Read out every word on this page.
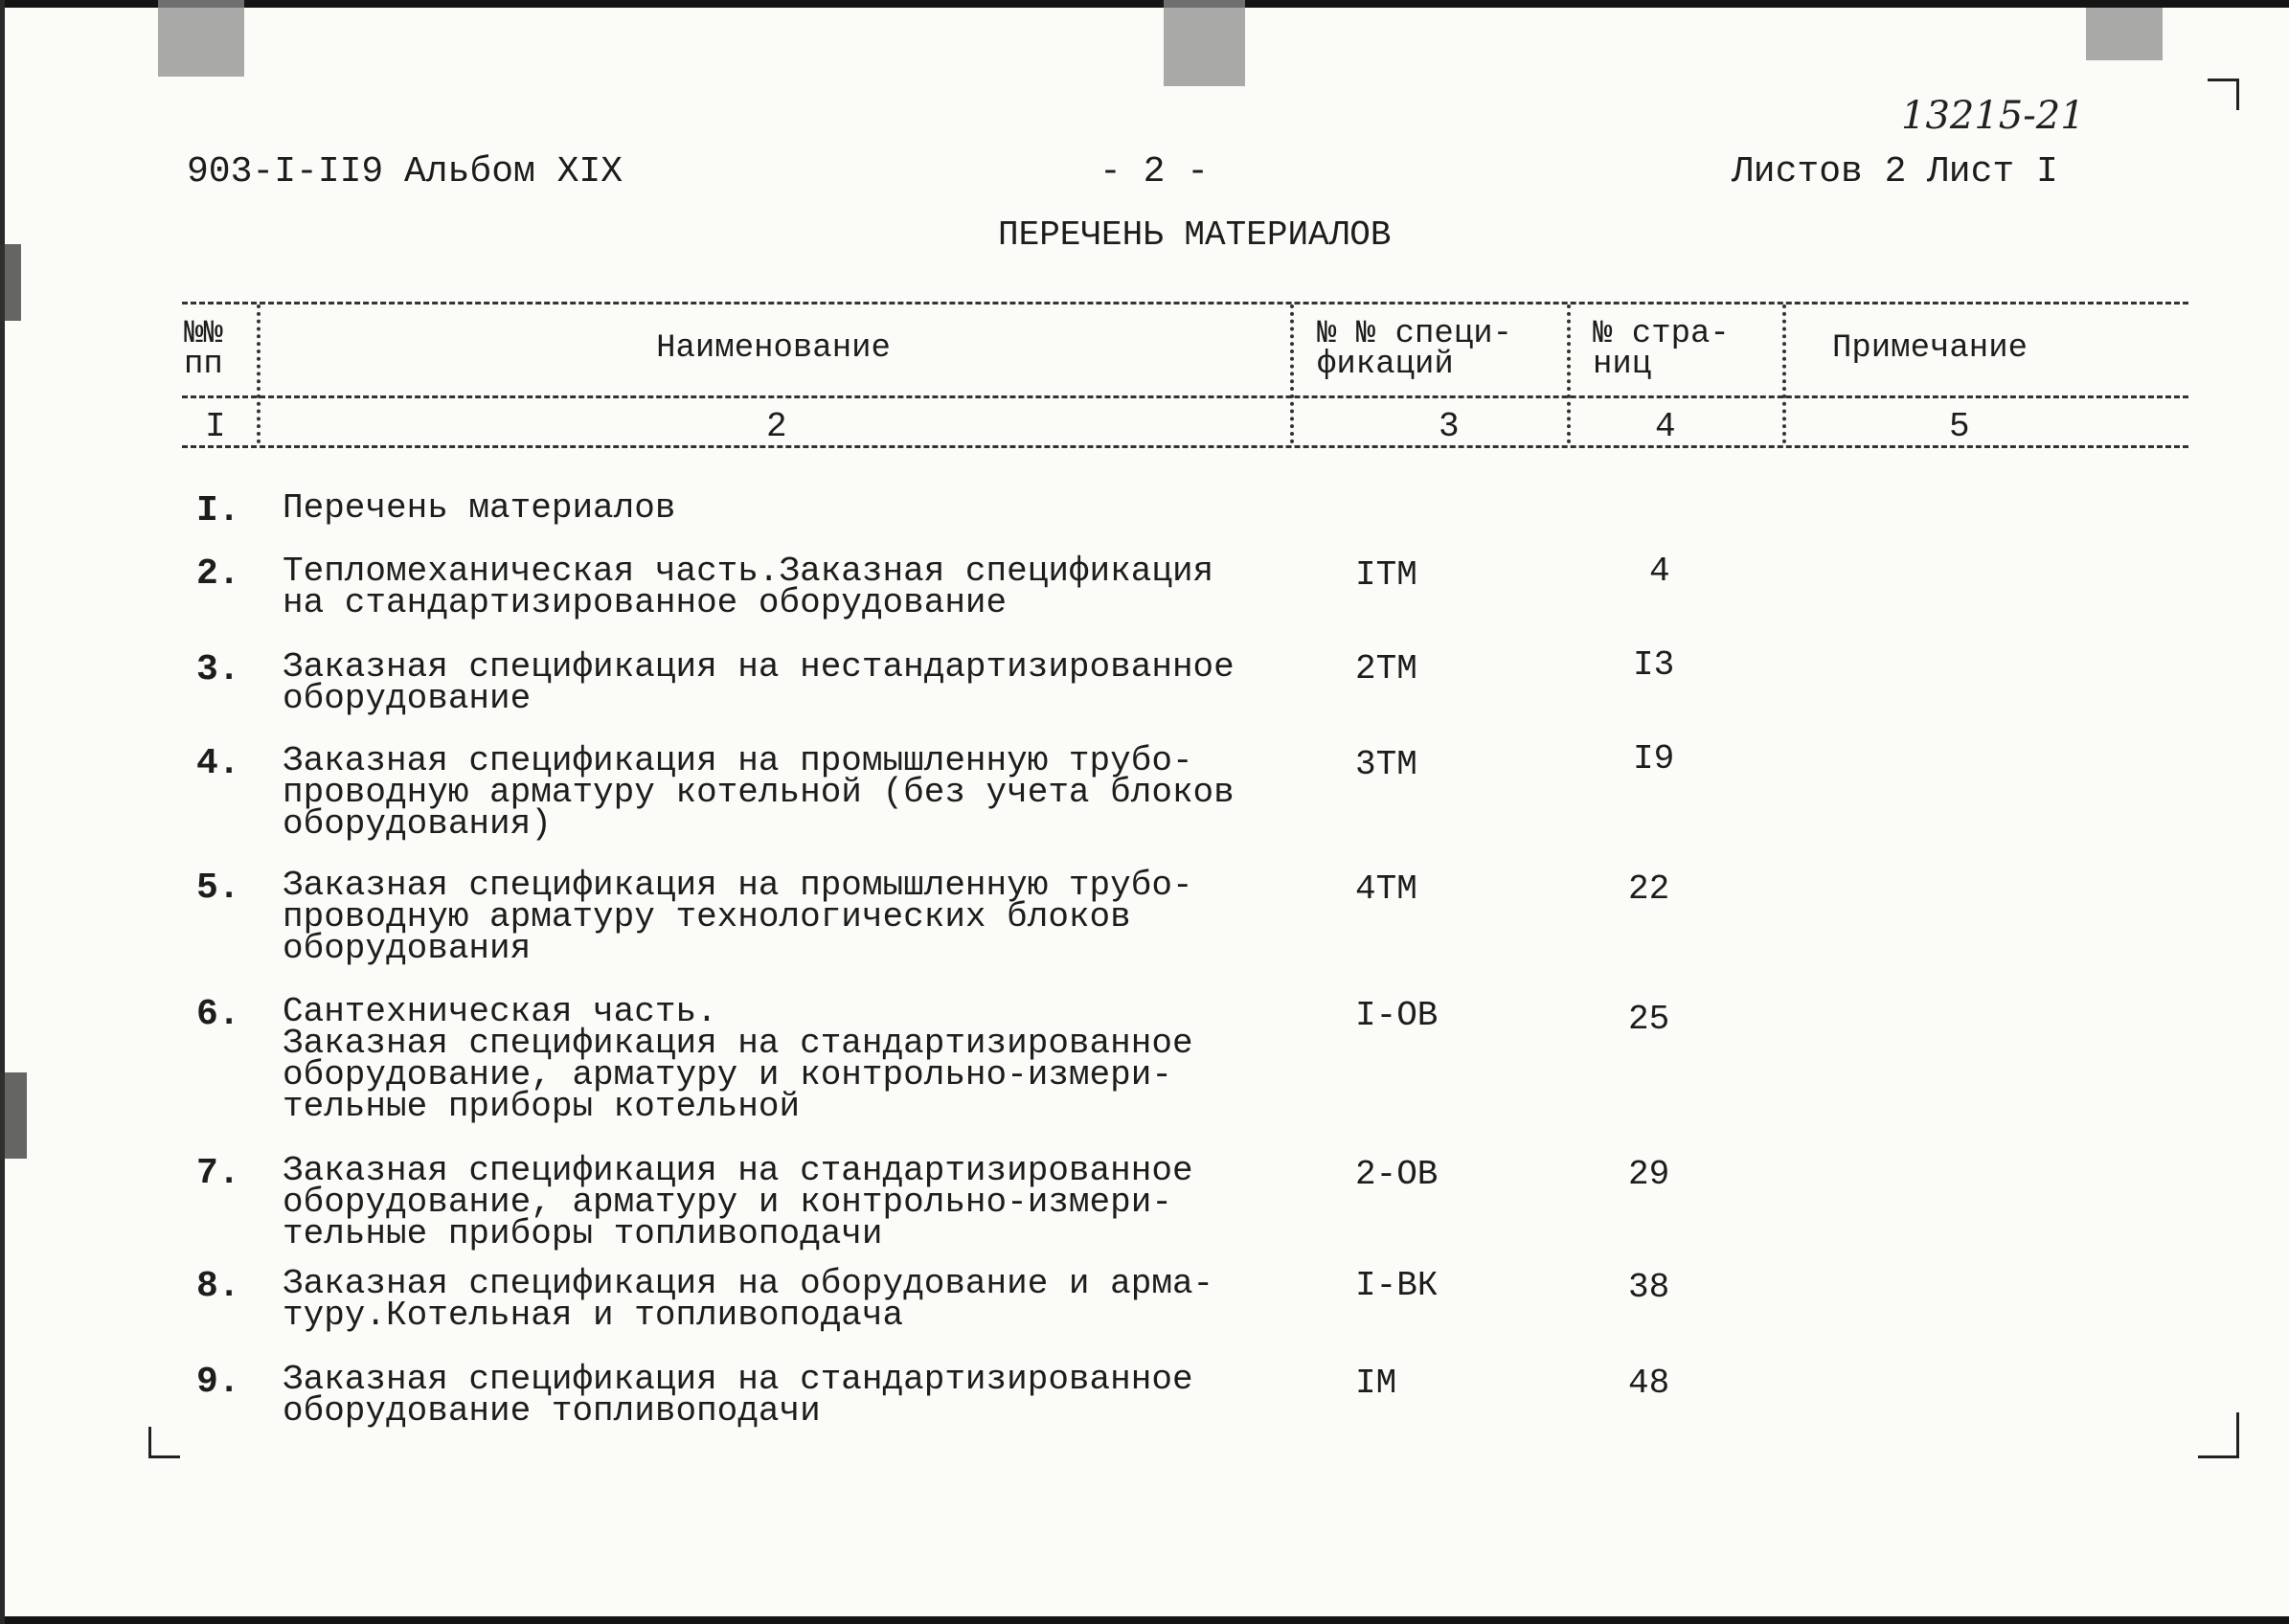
13215-21
903-I-II9 Альбом XIX	- 2 -	Листов 2 Лист I
ПЕРЕЧЕНЬ МАТЕРИАЛОВ
№№
пп	Наименование	№ № специ-
фикаций
№ стра-
ниц	Примечание
I	2	3	4	5
I. Перечень материалов
2. Тепломеханическая часть.Заказная спецификация
на стандартизированное оборудование
ITM	4
3. Заказная спецификация на нестандартизированное
оборудование
2TM	I3
4. Заказная спецификация на промышленную трубо-
проводную арматуру котельной (без учета блоков
оборудования)
3TM	I9
5. Заказная спецификация на промышленную трубо-
проводную арматуру технологических блоков
оборудования
4TM	22
6. Сантехническая часть.
Заказная спецификация на стандартизированное
оборудование, арматуру и контрольно-измери-
тельные приборы котельной
I-ОВ	25
7. Заказная спецификация на стандартизированное
оборудование, арматуру и контрольно-измери-
тельные приборы топливоподачи
2-ОВ	29
8. Заказная спецификация на оборудование и арма-
туру.Котельная и топливоподача
I-ВК	38
9. Заказная спецификация на стандартизированное
оборудование топливоподачи
IM	48
